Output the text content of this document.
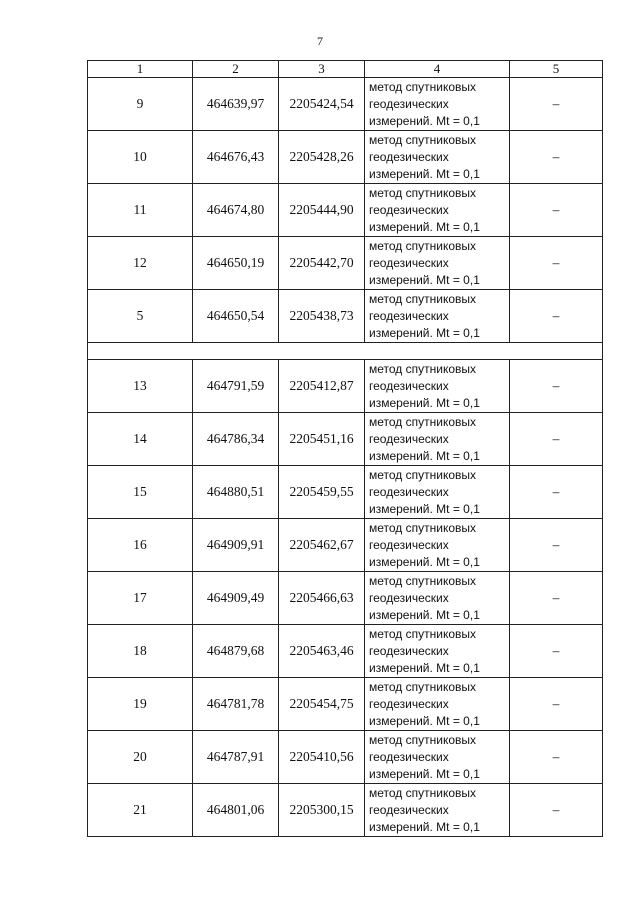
7
1	2	3	4	5
9	464639,97	2205424,54	метод спутниковых
геодезических
измерений. Mt = 0,1	–
10	464676,43	2205428,26	метод спутниковых
геодезических
измерений. Mt = 0,1	–
11	464674,80	2205444,90	метод спутниковых
геодезических
измерений. Mt = 0,1	–
12	464650,19	2205442,70	метод спутниковых
геодезических
измерений. Mt = 0,1	–
5	464650,54	2205438,73	метод спутниковых
геодезических
измерений. Mt = 0,1	–

13	464791,59	2205412,87	метод спутниковых
геодезических
измерений. Mt = 0,1	–
14	464786,34	2205451,16	метод спутниковых
геодезических
измерений. Mt = 0,1	–
15	464880,51	2205459,55	метод спутниковых
геодезических
измерений. Mt = 0,1	–
16	464909,91	2205462,67	метод спутниковых
геодезических
измерений. Mt = 0,1	–
17	464909,49	2205466,63	метод спутниковых
геодезических
измерений. Mt = 0,1	–
18	464879,68	2205463,46	метод спутниковых
геодезических
измерений. Mt = 0,1	–
19	464781,78	2205454,75	метод спутниковых
геодезических
измерений. Mt = 0,1	–
20	464787,91	2205410,56	метод спутниковых
геодезических
измерений. Mt = 0,1	–
21	464801,06	2205300,15	метод спутниковых
геодезических
измерений. Mt = 0,1	–
